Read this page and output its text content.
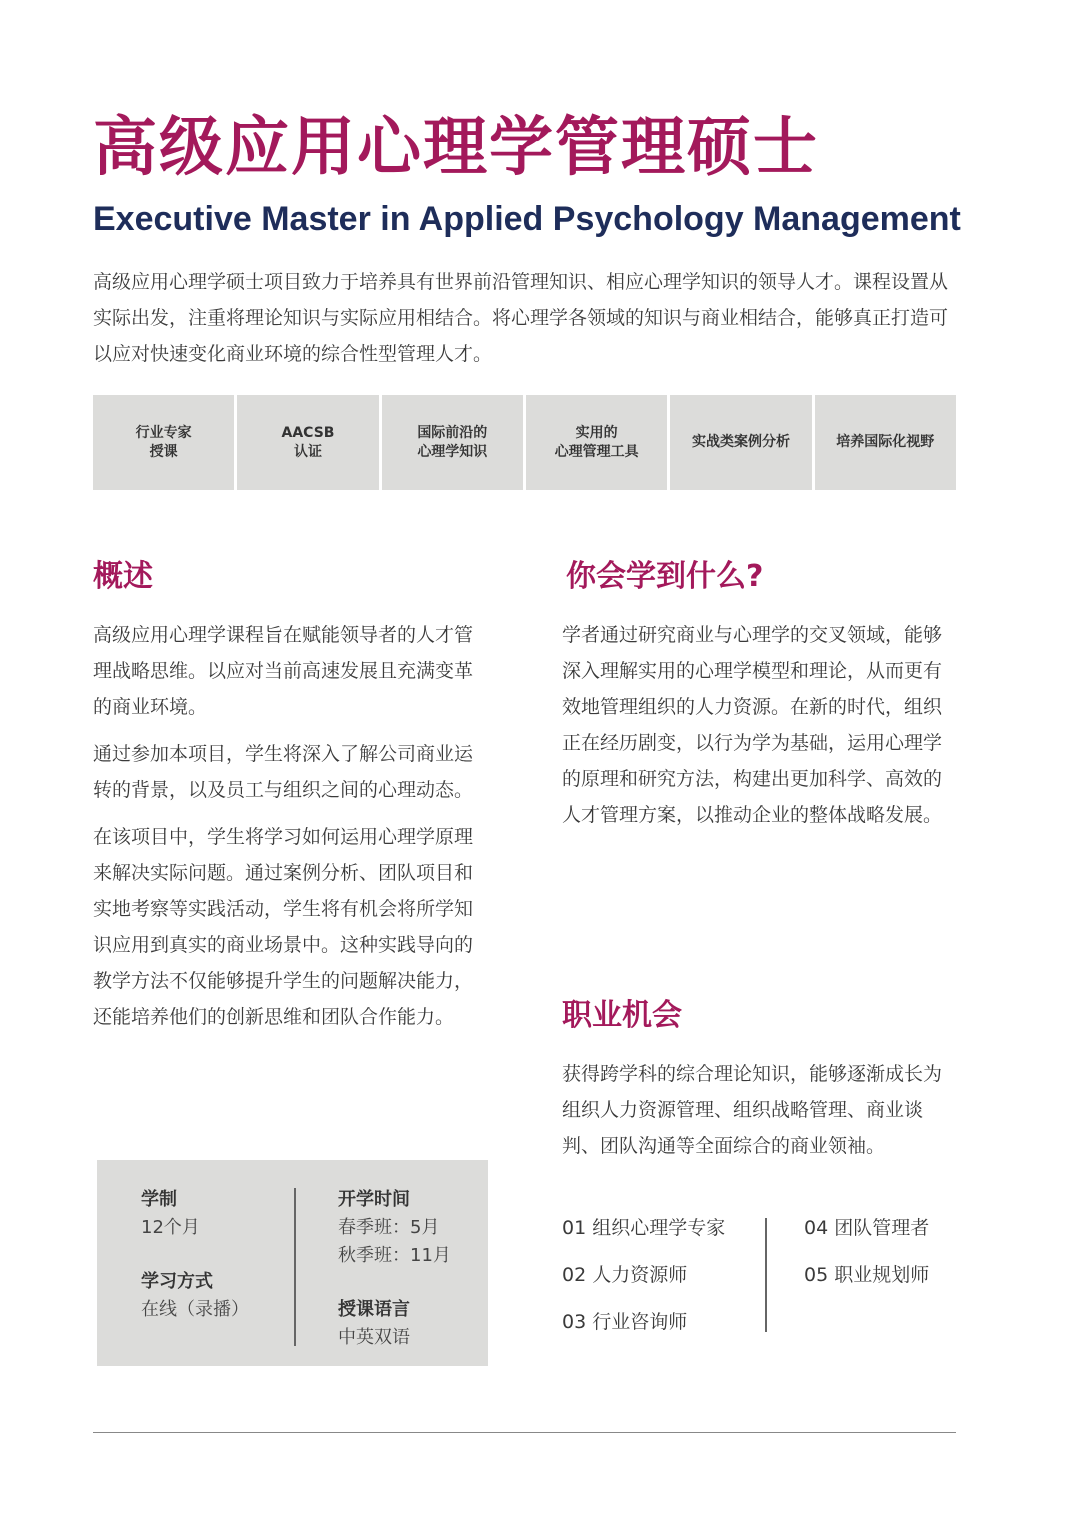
高级应用心理学管理硕士
Executive Master in Applied Psychology Management

高级应用心理学硕士项目致力于培养具有世界前沿管理知识、相应心理学知识的领导人才。课程设置从实际出发，注重将理论知识与实际应用相结合。将心理学各领域的知识与商业相结合，能够真正打造可以应对快速变化商业环境的综合性型管理人才。

行业专家
授课
AACSB
认证
国际前沿的
心理学知识
实用的
心理管理工具
实战类案例分析	培养国际化视野
概述

高级应用心理学课程旨在赋能领导者的人才管理战略思维。以应对当前高速发展且充满变革的商业环境。

通过参加本项目，学生将深入了解公司商业运转的背景，以及员工与组织之间的心理动态。

在该项目中，学生将学习如何运用心理学原理来解决实际问题。通过案例分析、团队项目和实地考察等实践活动，学生将有机会将所学知识应用到真实的商业场景中。这种实践导向的教学方法不仅能够提升学生的问题解决能力，还能培养他们的创新思维和团队合作能力。

你会学到什么?

学者通过研究商业与心理学的交叉领域，能够深入理解实用的心理学模型和理论，从而更有效地管理组织的人力资源。在新的时代，组织正在经历剧变，以行为学为基础，运用心理学的原理和研究方法，构建出更加科学、高效的人才管理方案，以推动企业的整体战略发展。

职业机会

获得跨学科的综合理论知识，能够逐渐成长为组织人力资源管理、组织战略管理、商业谈判、团队沟通等全面综合的商业领袖。

01 组织心理学专家
02 人力资源师
03 行业咨询师
04 团队管理者
05 职业规划师
学制
12个月
学习方式
在线（录播）
开学时间
春季班：5月
秋季班：11月
授课语言
中英双语
